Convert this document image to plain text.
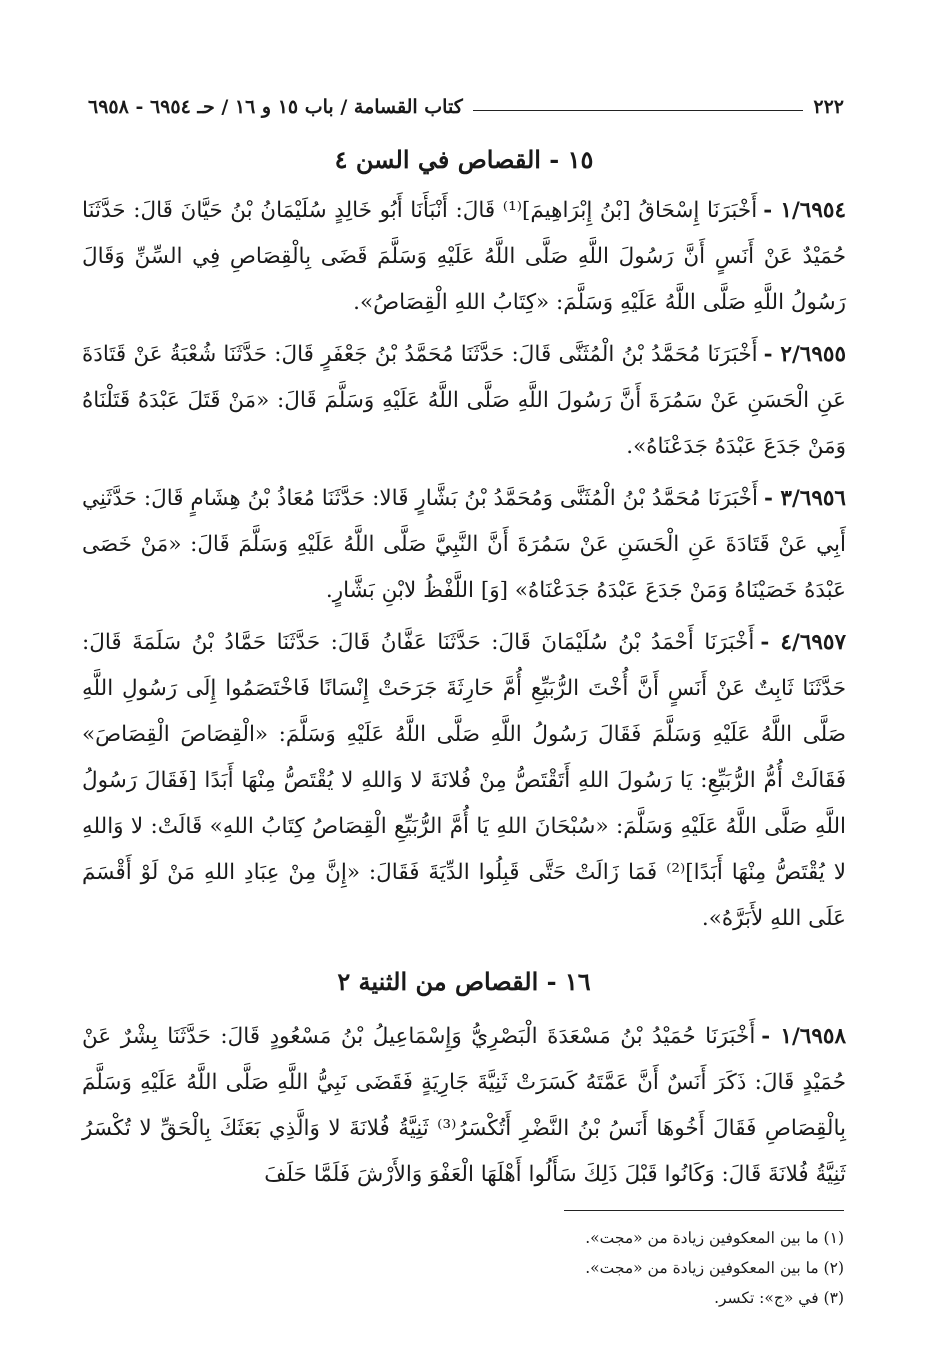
٢٢٢
كتاب القسامة / باب ١٥ و ١٦ / حـ ٦٩٥٤ - ٦٩٥٨
١٥ - القصاص في السن ٤

١/٦٩٥٤ -أَخْبَرَنَا إِسْحَاقُ [بْنُ إِبْرَاهِيمَ]⁽¹⁾ قَالَ: أَنْبَأَنَا أَبُو خَالِدٍ سُلَيْمَانُ بْنُ حَيَّانَ قَالَ: حَدَّثَنَا حُمَيْدٌ عَنْ أَنَسٍ أَنَّ رَسُولَ اللَّهِ صَلَّى اللَّهُ عَلَيْهِ وَسَلَّمَ قَضَى بِالْقِصَاصِ فِي السِّنِّ وَقَالَ رَسُولُ اللَّهِ صَلَّى اللَّهُ عَلَيْهِ وَسَلَّمَ: «كِتَابُ اللهِ الْقِصَاصُ».

٢/٦٩٥٥ -أَخْبَرَنَا مُحَمَّدُ بْنُ الْمُثَنَّى قَالَ: حَدَّثَنَا مُحَمَّدُ بْنُ جَعْفَرٍ قَالَ: حَدَّثَنَا شُعْبَةُ عَنْ قَتَادَةَ عَنِ الْحَسَنِ عَنْ سَمُرَةَ أَنَّ رَسُولَ اللَّهِ صَلَّى اللَّهُ عَلَيْهِ وَسَلَّمَ قَالَ: «مَنْ قَتَلَ عَبْدَهُ قَتَلْنَاهُ وَمَنْ جَدَعَ عَبْدَهُ جَدَعْنَاهُ».

٣/٦٩٥٦ -أَخْبَرَنَا مُحَمَّدُ بْنُ الْمُثَنَّى وَمُحَمَّدُ بْنُ بَشَّارٍ قَالا: حَدَّثَنَا مُعَاذُ بْنُ هِشَامٍ قَالَ: حَدَّثَنِي أَبِي عَنْ قَتَادَةَ عَنِ الْحَسَنِ عَنْ سَمُرَةَ أَنَّ النَّبِيَّ صَلَّى اللَّهُ عَلَيْهِ وَسَلَّمَ قَالَ: «مَنْ خَصَى عَبْدَهُ خَصَيْنَاهُ وَمَنْ جَدَعَ عَبْدَهُ جَدَعْنَاهُ» [وَ] اللَّفْظُ لابْنِ بَشَّارٍ.

٤/٦٩٥٧ -أَخْبَرَنَا أَحْمَدُ بْنُ سُلَيْمَانَ قَالَ: حَدَّثَنَا عَفَّانُ قَالَ: حَدَّثَنَا حَمَّادُ بْنُ سَلَمَةَ قَالَ: حَدَّثَنَا ثَابِتٌ عَنْ أَنَسٍ أَنَّ أُخْتَ الرُّبَيِّعِ أُمَّ حَارِثَةَ جَرَحَتْ إِنْسَانًا فَاخْتَصَمُوا إِلَى رَسُولِ اللَّهِ صَلَّى اللَّهُ عَلَيْهِ وَسَلَّمَ فَقَالَ رَسُولُ اللَّهِ صَلَّى اللَّهُ عَلَيْهِ وَسَلَّمَ: «الْقِصَاصَ الْقِصَاصَ» فَقَالَتْ أُمُّ الرُّبَيِّعِ: يَا رَسُولَ اللهِ أَتَقْتَصُّ مِنْ فُلانَةَ لا وَاللهِ لا يُقْتَصُّ مِنْهَا أَبَدًا [فَقَالَ رَسُولُ اللَّهِ صَلَّى اللَّهُ عَلَيْهِ وَسَلَّمَ: «سُبْحَانَ اللهِ يَا أُمَّ الرُّبَيِّعِ الْقِصَاصُ كِتَابُ اللهِ» قَالَتْ: لا وَاللهِ لا يُقْتَصُّ مِنْهَا أَبَدًا]⁽²⁾ فَمَا زَالَتْ حَتَّى قَبِلُوا الدِّيَةَ فَقَالَ: «إِنَّ مِنْ عِبَادِ اللهِ مَنْ لَوْ أَقْسَمَ عَلَى اللهِ لأَبَرَّهُ».

١٦ - القصاص من الثنية ٢

١/٦٩٥٨ -أَخْبَرَنَا حُمَيْدُ بْنُ مَسْعَدَةَ الْبَصْرِيُّ وَإِسْمَاعِيلُ بْنُ مَسْعُودٍ قَالَ: حَدَّثَنَا بِشْرٌ عَنْ حُمَيْدٍ قَالَ: ذَكَرَ أَنَسٌ أَنَّ عَمَّتَهُ كَسَرَتْ ثَنِيَّةَ جَارِيَةٍ فَقَضَى نَبِيُّ اللَّهِ صَلَّى اللَّهُ عَلَيْهِ وَسَلَّمَ بِالْقِصَاصِ فَقَالَ أَخُوهَا أَنَسُ بْنُ النَّضْرِ أَتُكْسَرُ⁽³⁾ ثَنِيَّةُ فُلانَةَ لا وَالَّذِي بَعَثَكَ بِالْحَقِّ لا تُكْسَرُ ثَنِيَّةُ فُلانَةَ قَالَ: وَكَانُوا قَبْلَ ذَلِكَ سَأَلُوا أَهْلَهَا الْعَفْوَ وَالأَرْشَ فَلَمَّا حَلَفَ

(١) ما بين المعكوفين زيادة من «مجت».
(٢) ما بين المعكوفين زيادة من «مجت».
(٣) في «ج»: تكسر.
